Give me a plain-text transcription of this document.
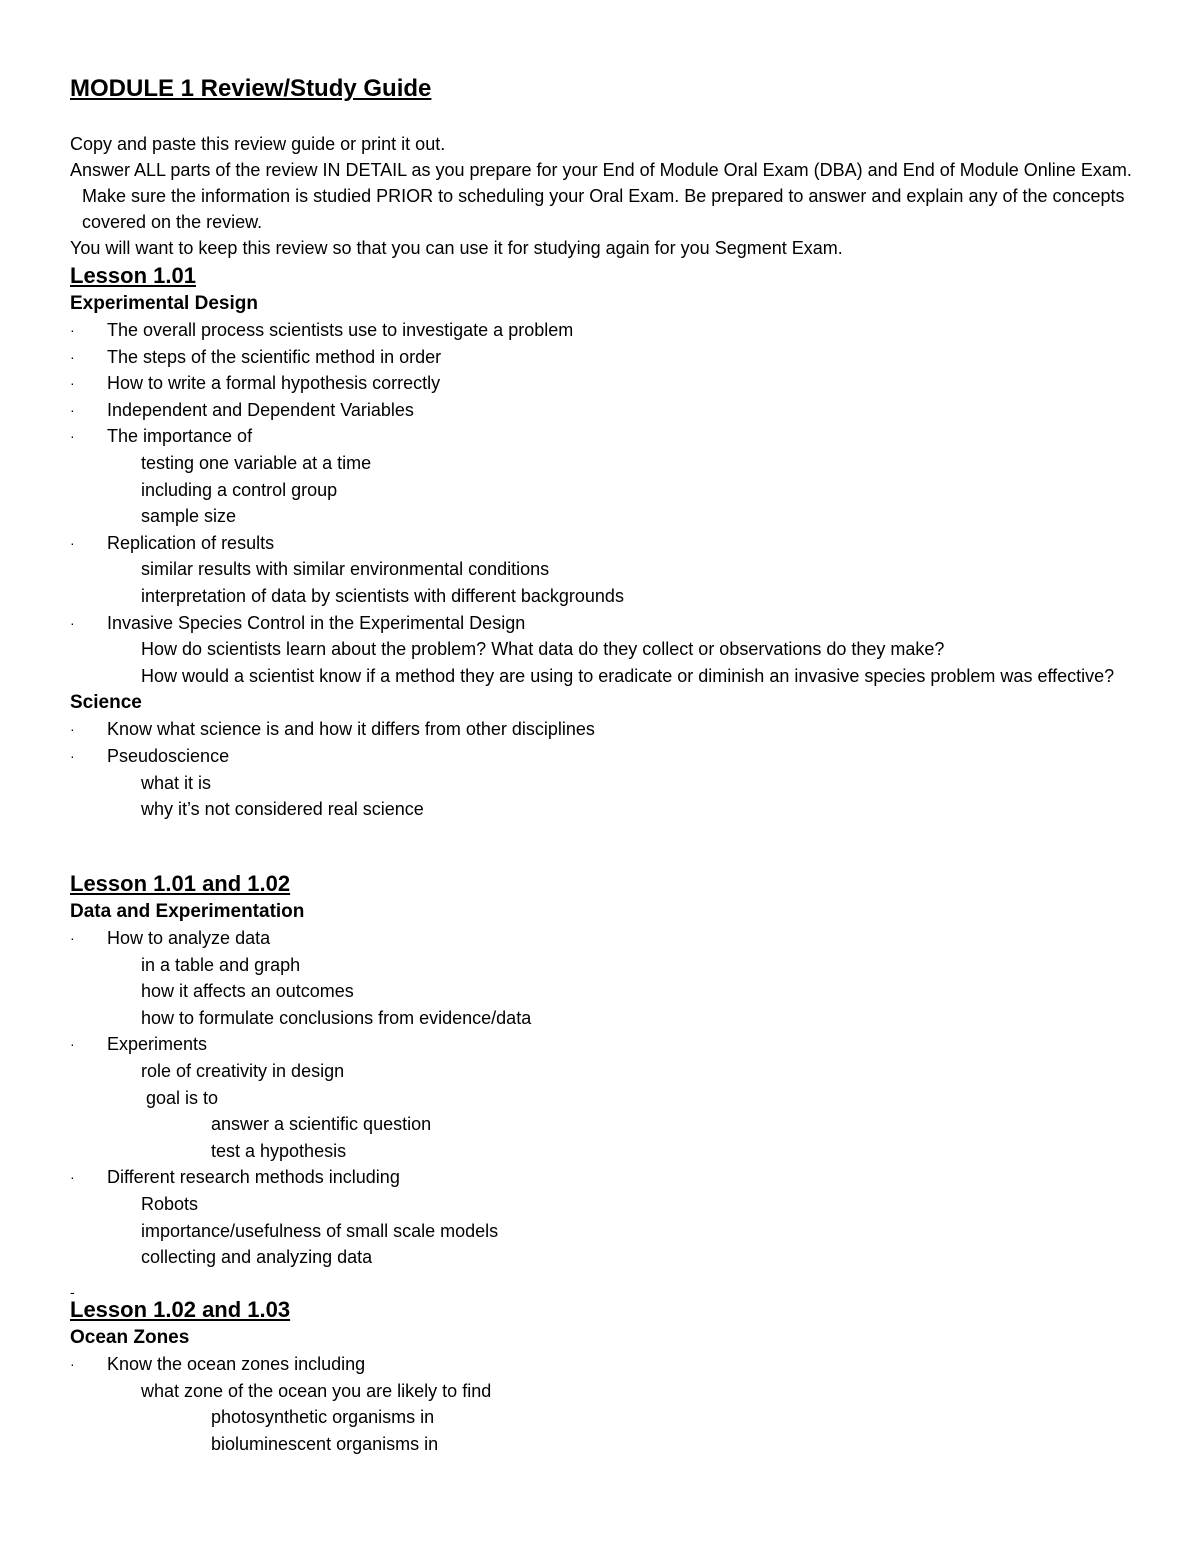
MODULE 1 Review/Study Guide

Copy and paste this review guide or print it out.

Answer ALL parts of the review IN DETAIL as you prepare for your End of Module Oral Exam (DBA) and End of Module Online Exam. Make sure the information is studied PRIOR to scheduling your Oral Exam. Be prepared to answer and explain any of the concepts covered on the review.

You will want to keep this review so that you can use it for studying again for you Segment Exam.

Lesson 1.01

Experimental Design

· The overall process scientists use to investigate a problem

· The steps of the scientific method in order

· How to write a formal hypothesis correctly

· Independent and Dependent Variables

· The importance of

testing one variable at a time

including a control group

sample size

· Replication of results

similar results with similar environmental conditions

interpretation of data by scientists with different backgrounds

· Invasive Species Control in the Experimental Design

How do scientists learn about the problem? What data do they collect or observations do they make?

How would a scientist know if a method they are using to eradicate or diminish an invasive species problem was effective?

Science

· Know what science is and how it differs from other disciplines

· Pseudoscience

what it is

why it’s not considered real science

Lesson 1.01 and 1.02

Data and Experimentation

· How to analyze data

in a table and graph

how it affects an outcomes

how to formulate conclusions from evidence/data

· Experiments

role of creativity in design

goal is to

answer a scientific question

test a hypothesis

· Different research methods including

Robots

importance/usefulness of small scale models

collecting and analyzing data

-

Lesson 1.02 and 1.03

Ocean Zones

· Know the ocean zones including

what zone of the ocean you are likely to find

photosynthetic organisms in

bioluminescent organisms in
